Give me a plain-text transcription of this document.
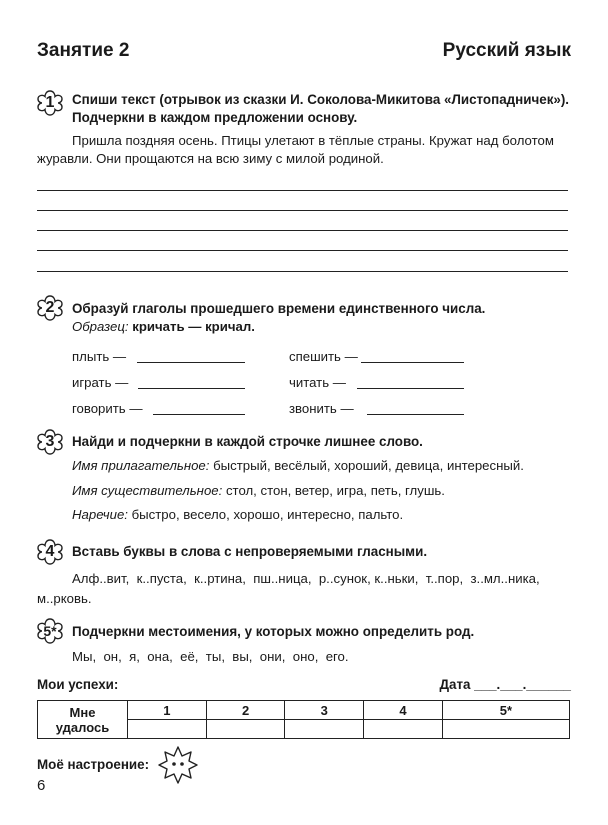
Занятие 2	Русский язык
1	Спиши текст (отрывок из сказки И. Соколова-Микитова «Листопадничек»).
Подчеркни в каждом предложении основу.
Пришла поздняя осень. Птицы улетают в тёплые страны. Кружат над болотом
журавли. Они прощаются на всю зиму с милой родиной.
2	Образуй глаголы прошедшего времени единственного числа.
Образец: кричать — кричал.
плыть —	спешить —
играть —	читать —
говорить —	звонить —
3	Найди и подчеркни в каждой строчке лишнее слово.
Имя прилагательное: быстрый, весёлый, хороший, девица, интересный.
Имя существительное: стол, стон, ветер, игра, петь, глушь.
Наречие: быстро, весело, хорошо, интересно, пальто.
4	Вставь буквы в слова с непроверяемыми гласными.
Алф..вит,  к..пуста,  к..ртина,  пш..ница,  р..сунок, к..ньки,  т..пор,  з..мл..ника,
м..рковь.
5*	Подчеркни местоимения, у которых можно определить род.
Мы,  он,  я,  она,  её,  ты,  вы,  они,  оно,  его.
Мои успехи:	Дата ___.___.______
Мне
удалось	1	2	3	4	5*

Моё настроение:
6
